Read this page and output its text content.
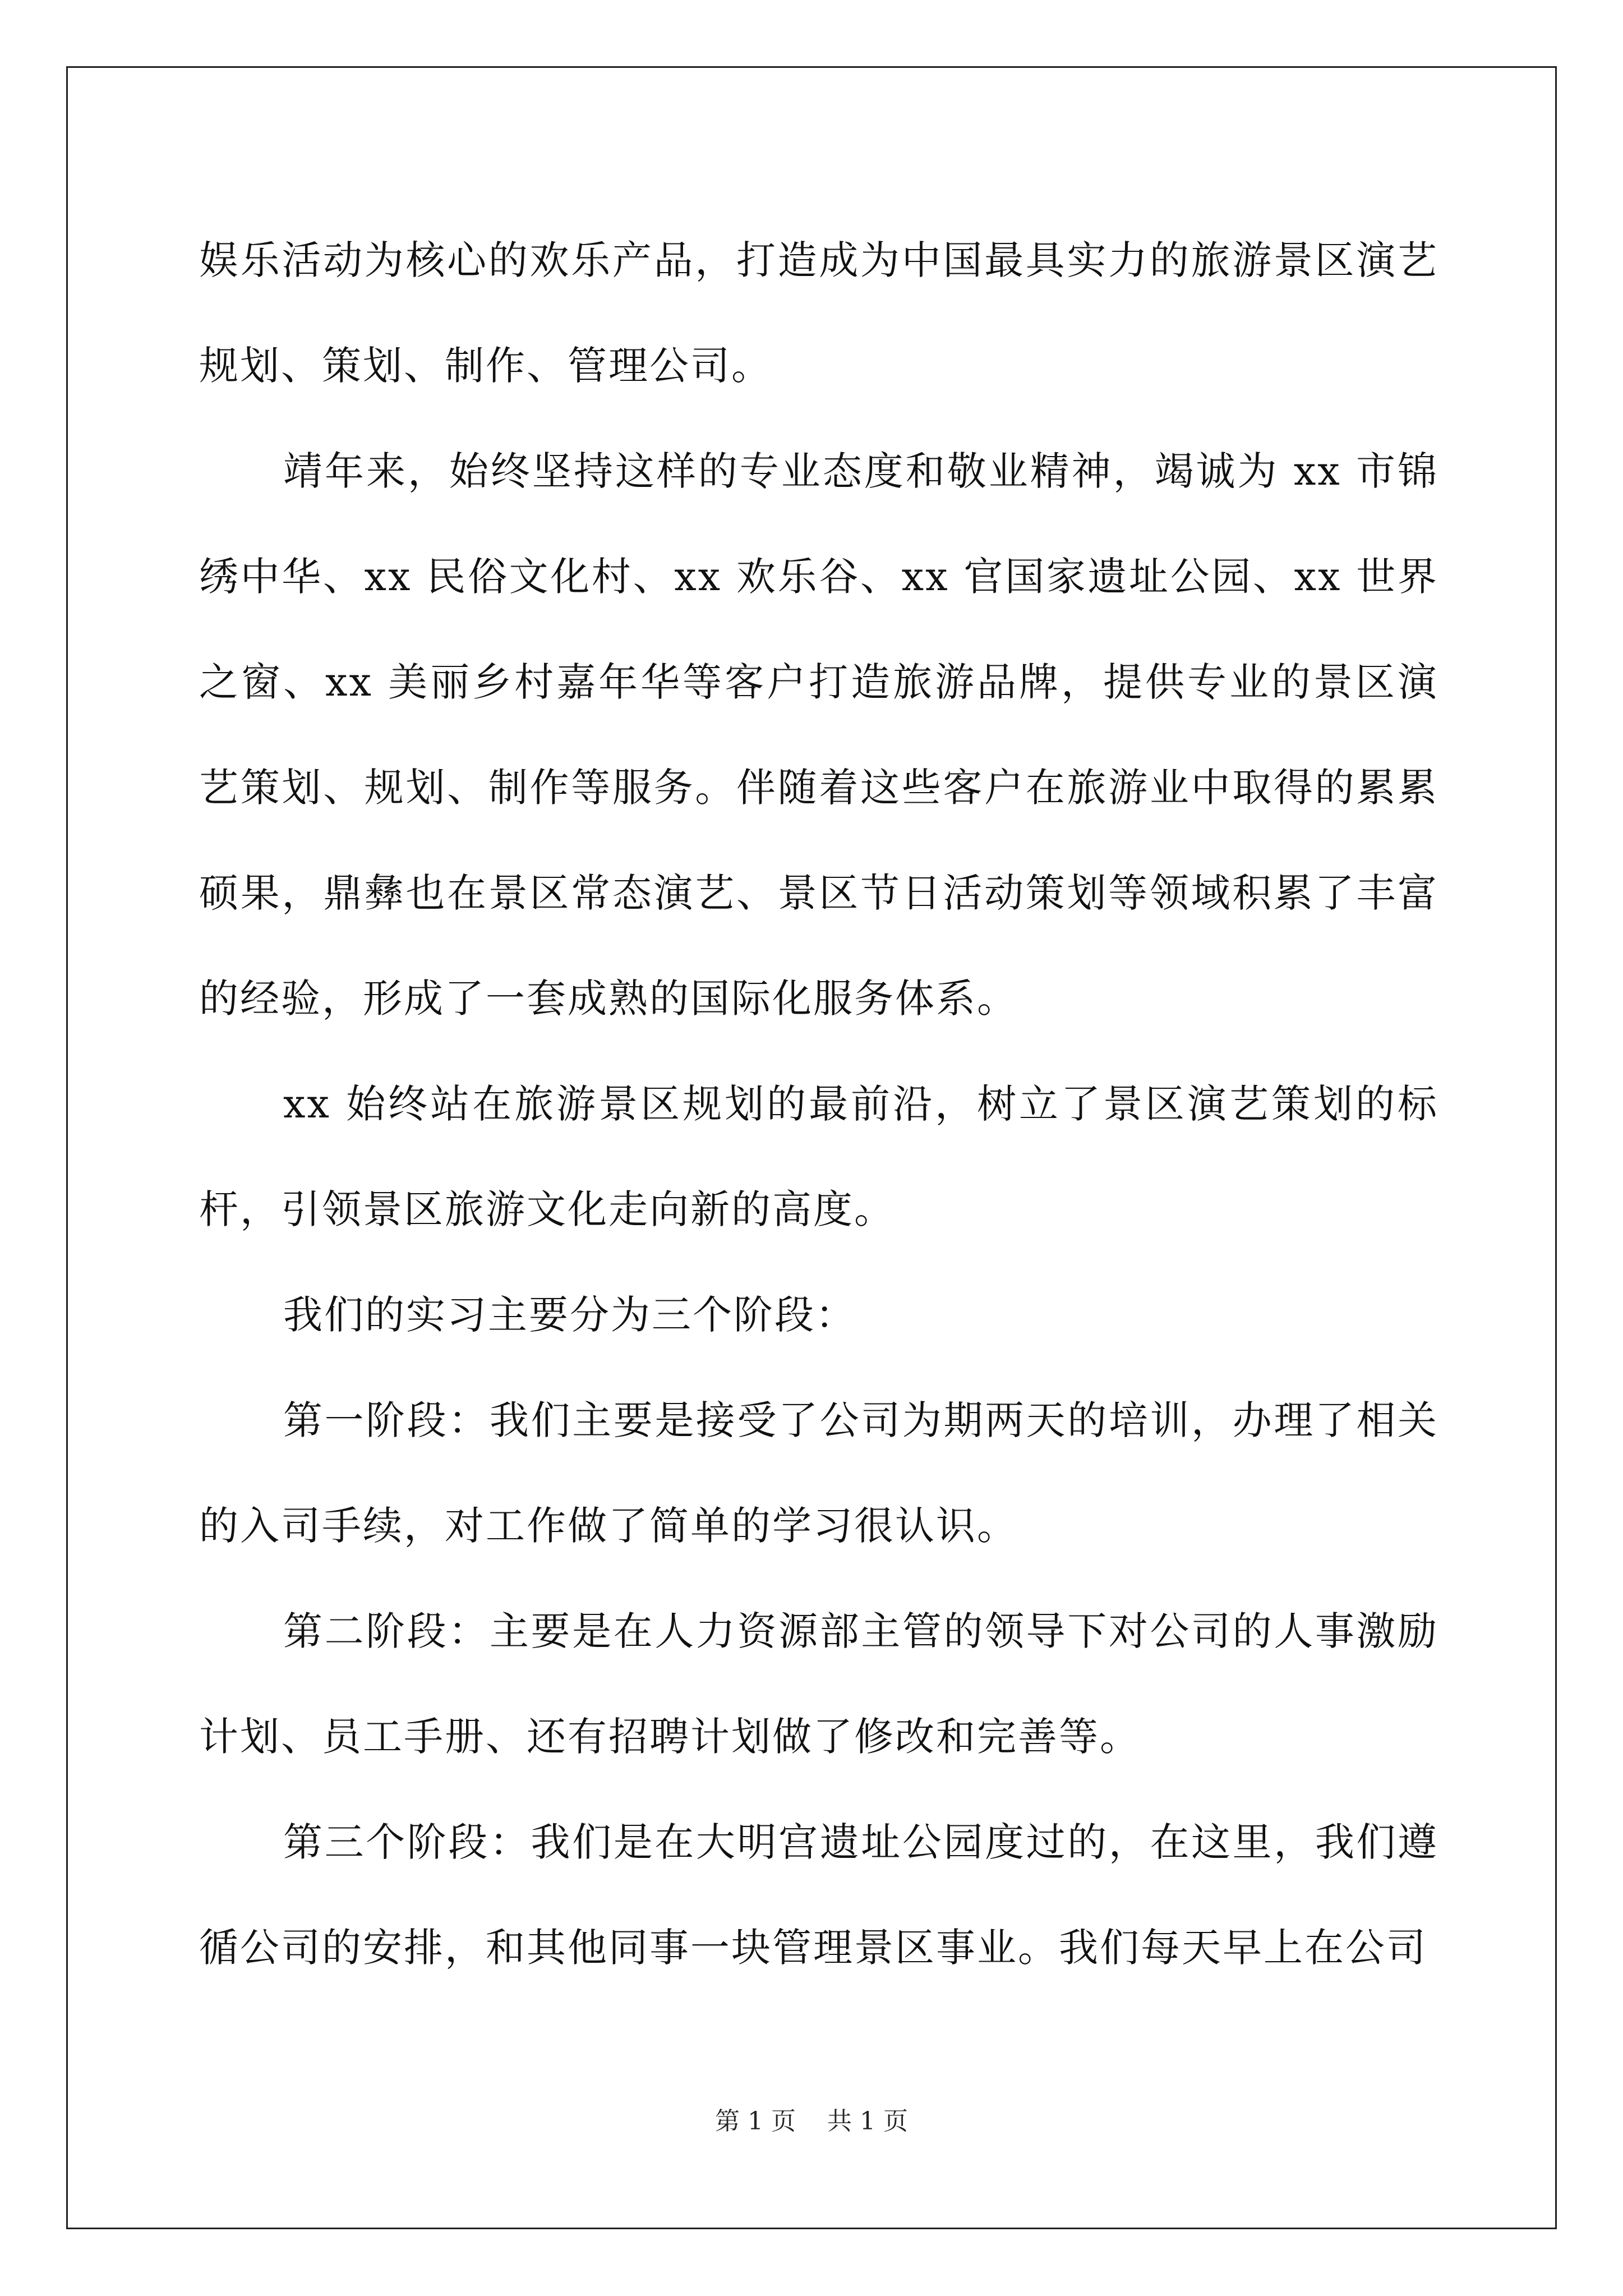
娱乐活动为核心的欢乐产品，打造成为中国最具实力的旅游景区演艺规划、策划、制作、管理公司。

靖年来，始终坚持这样的专业态度和敬业精神，竭诚为 xx 市锦绣中华、xx 民俗文化村、xx 欢乐谷、xx 官国家遗址公园、xx 世界之窗、xx 美丽乡村嘉年华等客户打造旅游品牌，提供专业的景区演艺策划、规划、制作等服务。伴随着这些客户在旅游业中取得的累累硕果，鼎彝也在景区常态演艺、景区节日活动策划等领域积累了丰富的经验，形成了一套成熟的国际化服务体系。

xx 始终站在旅游景区规划的最前沿，树立了景区演艺策划的标杆，引领景区旅游文化走向新的高度。

我们的实习主要分为三个阶段：

第一阶段：我们主要是接受了公司为期两天的培训，办理了相关的入司手续，对工作做了简单的学习很认识。

第二阶段：主要是在人力资源部主管的领导下对公司的人事激励计划、员工手册、还有招聘计划做了修改和完善等。

第三个阶段：我们是在大明宫遗址公园度过的，在这里，我们遵循公司的安排，和其他同事一块管理景区事业。我们每天早上在公司

第 1 页 共 1 页
